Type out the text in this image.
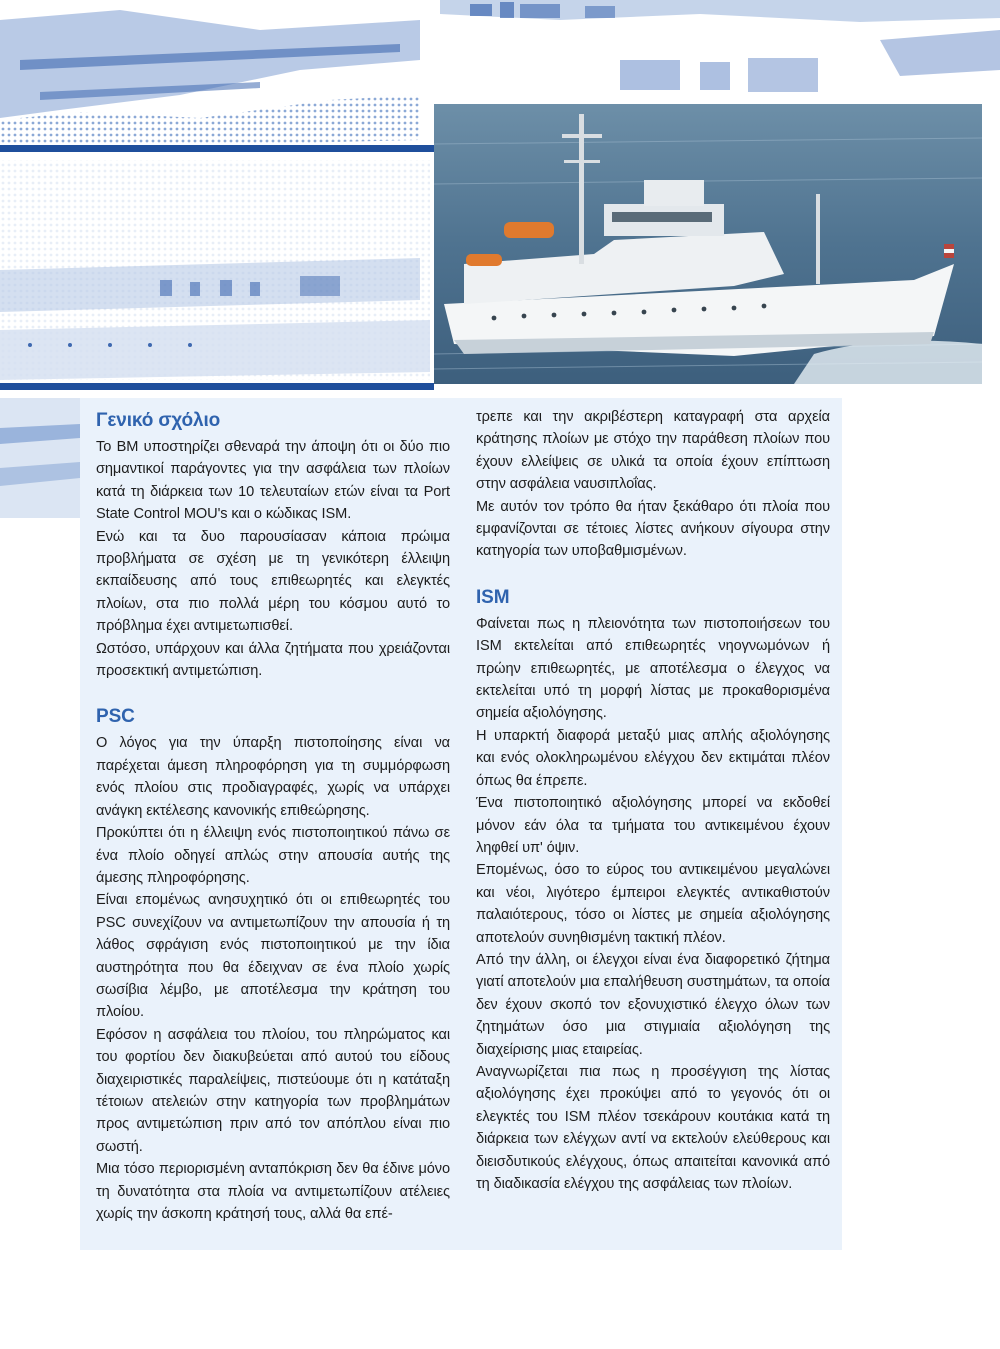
Γενικό σχόλιο

Το ΒΜ υποστηρίζει σθεναρά την άποψη ότι οι δύο πιο σημαντικοί παράγοντες για την ασφάλεια των πλοίων κατά τη διάρκεια των 10 τελευταίων ετών είναι τα Port State Control MOU's και ο κώδικας ISM.

Ενώ και τα δυο παρουσίασαν κάποια πρώιμα προβλήματα σε σχέση με τη γενικότερη έλλειψη εκπαίδευσης από τους επιθεωρητές και ελεγκτές πλοίων, στα πιο πολλά μέρη του κόσμου αυτό το πρόβλημα έχει αντιμετωπισθεί.

Ωστόσο, υπάρχουν και άλλα ζητήματα που χρειάζονται προσεκτική αντιμετώπιση.

PSC

Ο λόγος για την ύπαρξη πιστοποίησης είναι να παρέχεται άμεση πληροφόρηση για τη συμμόρφωση ενός πλοίου στις προδιαγραφές, χωρίς να υπάρχει ανάγκη εκτέλεσης κανονικής επιθεώρησης.

Προκύπτει ότι η έλλειψη ενός πιστοποιητικού πάνω σε ένα πλοίο οδηγεί απλώς στην απουσία αυτής της άμεσης πληροφόρησης.

Είναι επομένως ανησυχητικό ότι οι επιθεωρητές του PSC συνεχίζουν να αντιμετωπίζουν την απουσία ή τη λάθος σφράγιση ενός πιστοποιητικού με την ίδια αυστηρότητα που θα έδειχναν σε ένα πλοίο χωρίς σωσίβια λέμβο, με αποτέλεσμα την κράτηση του πλοίου.

Εφόσον η ασφάλεια του πλοίου, του πληρώματος και του φορτίου δεν διακυβεύεται από αυτού του είδους διαχειριστικές παραλείψεις, πιστεύουμε ότι η κατάταξη τέτοιων ατελειών στην κατηγορία των προβλημάτων προς αντιμετώπιση πριν από τον απόπλου είναι πιο σωστή.

Μια τόσο περιορισμένη ανταπόκριση δεν θα έδινε μόνο τη δυνατότητα στα πλοία να αντιμετωπίζουν ατέλειες χωρίς την άσκοπη κράτησή τους, αλλά θα επέ-

τρεπε και την ακριβέστερη καταγραφή στα αρχεία κράτησης πλοίων με στόχο την παράθεση πλοίων που έχουν ελλείψεις σε υλικά τα οποία έχουν επίπτωση στην ασφάλεια ναυσιπλοΐας.

Με αυτόν τον τρόπο θα ήταν ξεκάθαρο ότι πλοία που εμφανίζονται σε τέτοιες λίστες ανήκουν σίγουρα στην κατηγορία των υποβαθμισμένων.

ISM

Φαίνεται πως η πλειονότητα των πιστοποιήσεων του ISM εκτελείται από επιθεωρητές νηογνωμόνων ή πρώην επιθεωρητές, με αποτέλεσμα ο έλεγχος να εκτελείται υπό τη μορφή λίστας με προκαθορισμένα σημεία αξιολόγησης.

Η υπαρκτή διαφορά μεταξύ μιας απλής αξιολόγησης και ενός ολοκληρωμένου ελέγχου δεν εκτιμάται πλέον όπως θα έπρεπε.

Ένα πιστοποιητικό αξιολόγησης μπορεί να εκδοθεί μόνον εάν όλα τα τμήματα του αντικειμένου έχουν ληφθεί υπ' όψιν.

Επομένως, όσο το εύρος του αντικειμένου μεγαλώνει και νέοι, λιγότερο έμπειροι ελεγκτές αντικαθιστούν παλαιότερους, τόσο οι λίστες με σημεία αξιολόγησης αποτελούν συνηθισμένη τακτική πλέον.

Από την άλλη, οι έλεγχοι είναι ένα διαφορετικό ζήτημα γιατί αποτελούν μια επαλήθευση συστημάτων, τα οποία δεν έχουν σκοπό τον εξονυχιστικό έλεγχο όλων των ζητημάτων όσο μια στιγμιαία αξιολόγηση της διαχείρισης μιας εταιρείας.

Αναγνωρίζεται πια πως η προσέγγιση της λίστας αξιολόγησης έχει προκύψει από το γεγονός ότι οι ελεγκτές του ISM πλέον τσεκάρουν κουτάκια κατά τη διάρκεια των ελέγχων αντί να εκτελούν ελεύθερους και διεισδυτικούς ελέγχους, όπως απαιτείται κανονικά από τη διαδικασία ελέγχου της ασφάλειας των πλοίων.
